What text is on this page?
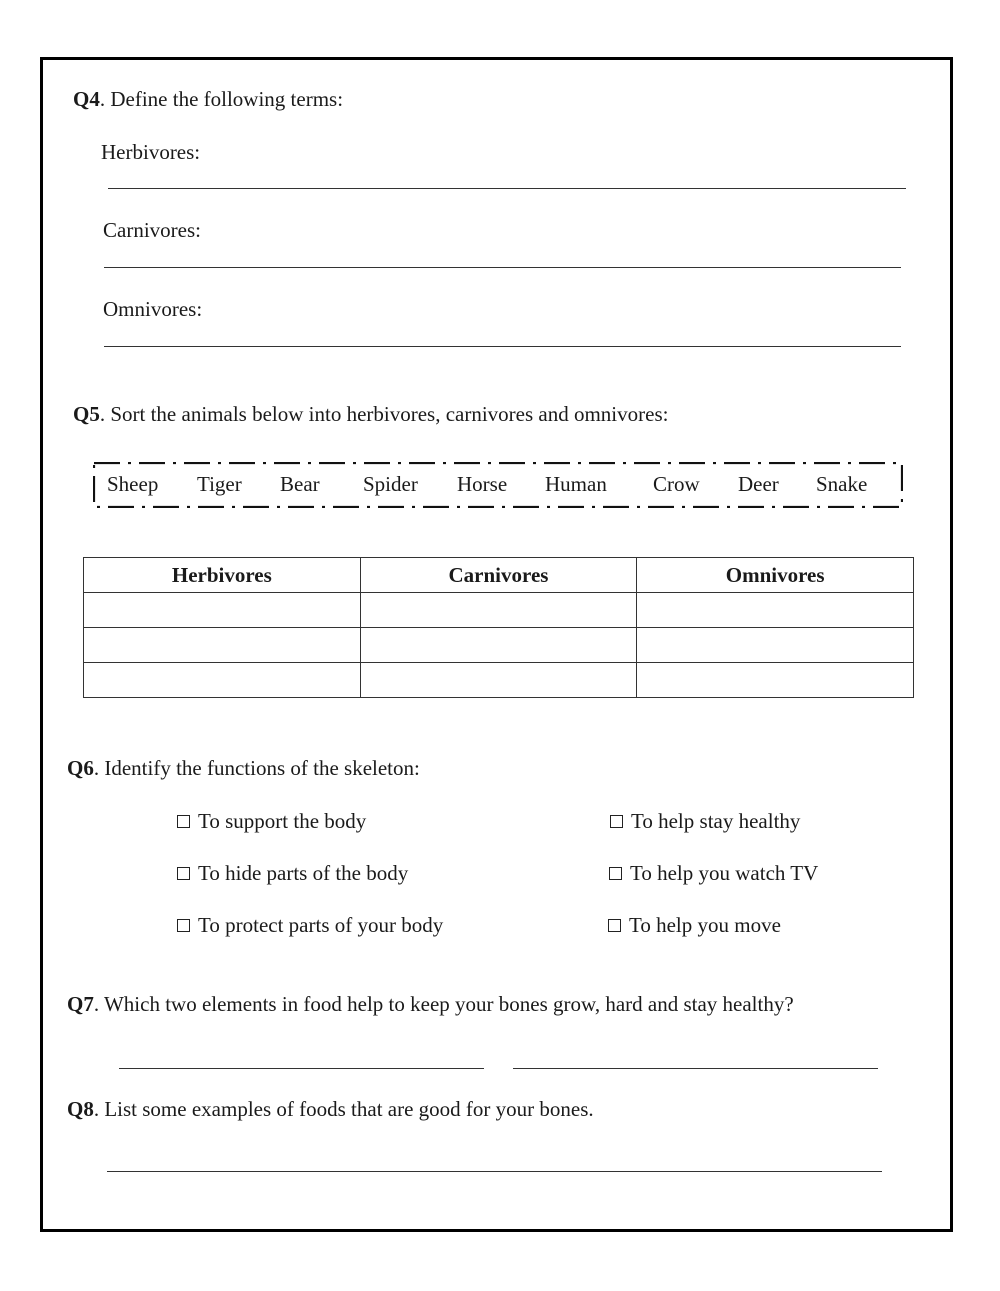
Q4. Define the following terms:
Herbivores:
Carnivores:
Omnivores:
Q5. Sort the animals below into herbivores, carnivores and omnivores:
Sheep Tiger Bear Spider Horse Human Crow Deer Snake
Herbivores	Carnivores	Omnivores

Q6. Identify the functions of the skeleton:
To support the body	To help stay healthy
To hide parts of the body	To help you watch TV
To protect parts of your body	To help you move
Q7. Which two elements in food help to keep your bones grow, hard and stay healthy?
Q8. List some examples of foods that are good for your bones.
